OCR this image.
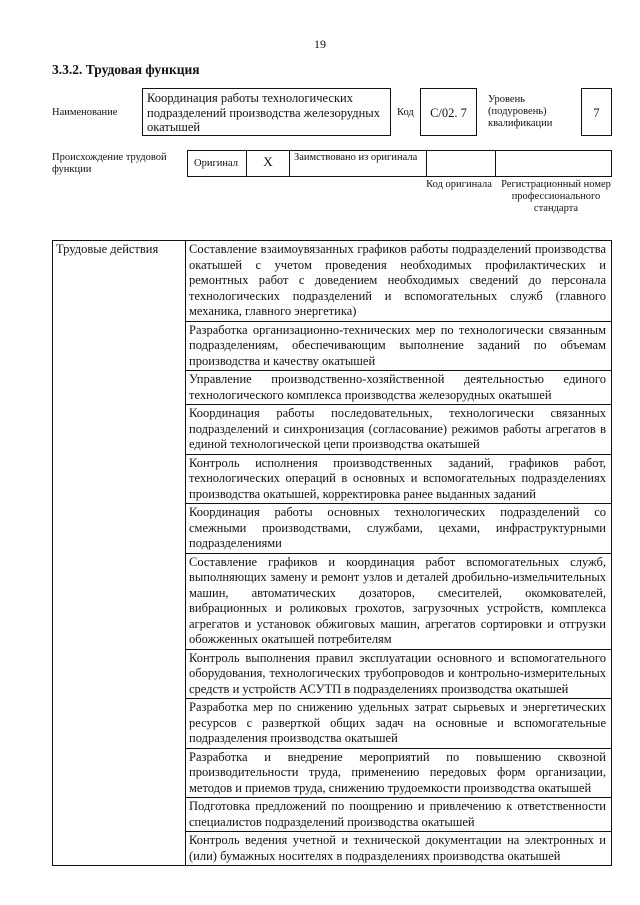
19
3.3.2. Трудовая функция
Наименование
Координация работы технологических подразделений производства железорудных окатышей
Код	С/02. 7
Уровень (подуровень) квалификации
7
Происхождение трудовой функции
Оригинал	X	Заимствовано из оригинала
Код оригинала Регистрационный номер профессионального стандарта
Трудовые действия	Составление взаимоувязанных графиков работы подразделений производства окатышей с учетом проведения необходимых профилактических и ремонтных работ с доведением необходимых сведений до персонала технологических подразделений и вспомогательных служб (главного механика, главного энергетика)
Разработка организационно-технических мер по технологически связанным подразделениям, обеспечивающим выполнение заданий по объемам производства и качеству окатышей
Управление производственно-хозяйственной деятельностью единого технологического комплекса производства железорудных окатышей
Координация работы последовательных, технологически связанных подразделений и синхронизация (согласование) режимов работы агрегатов в единой технологической цепи производства окатышей
Контроль исполнения производственных заданий, графиков работ, технологических операций в основных и вспомогательных подразделениях производства окатышей, корректировка ранее выданных заданий
Координация работы основных технологических подразделений со смежными производствами, службами, цехами, инфраструктурными подразделениями
Составление графиков и координация работ вспомогательных служб, выполняющих замену и ремонт узлов и деталей дробильно-измельчительных машин, автоматических дозаторов, смесителей, окомкователей, вибрационных и роликовых грохотов, загрузочных устройств, комплекса агрегатов и установок обжиговых машин, агрегатов сортировки и отгрузки обожженных окатышей потребителям
Контроль выполнения правил эксплуатации основного и вспомогательного оборудования, технологических трубопроводов и контрольно-измерительных средств и устройств АСУТП в подразделениях производства окатышей
Разработка мер по снижению удельных затрат сырьевых и энергетических ресурсов с разверткой общих задач на основные и вспомогательные подразделения производства окатышей
Разработка и внедрение мероприятий по повышению сквозной производительности труда, применению передовых форм организации, методов и приемов труда, снижению трудоемкости производства окатышей
Подготовка предложений по поощрению и привлечению к ответственности специалистов подразделений производства окатышей
Контроль ведения учетной и технической документации на электронных и (или) бумажных носителях в подразделениях производства окатышей
